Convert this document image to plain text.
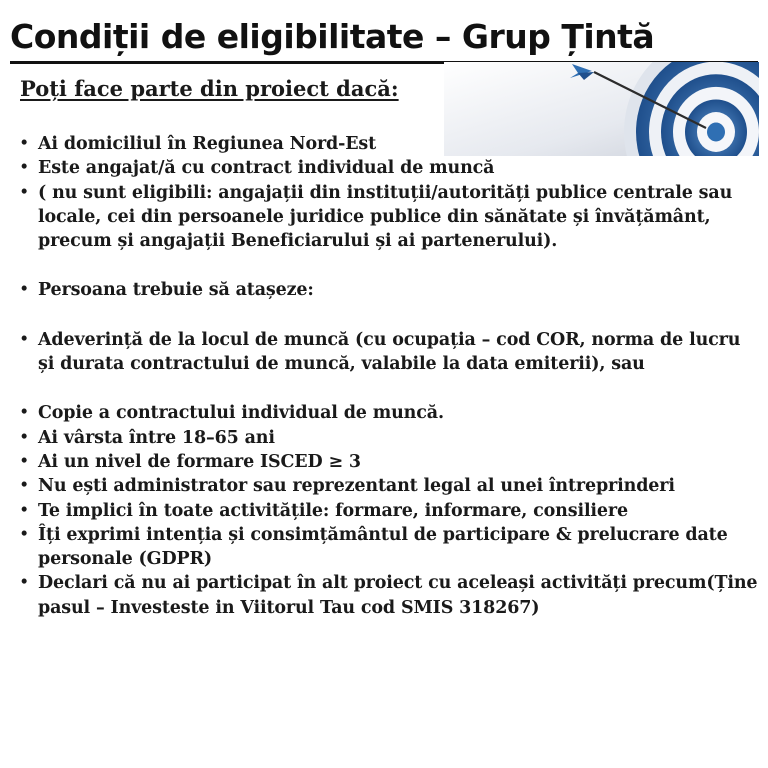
Condiții de eligibilitate – Grup Țintă
Poți face parte din proiect dacă:
• Ai domiciliul în Regiunea Nord-Est
• Este angajat/ă cu contract individual de muncă
• ( nu sunt eligibili: angajații din instituții/autorități publice centrale sau locale, cei din persoanele juridice publice din sănătate și învățământ, precum și angajații Beneficiarului și ai partenerului).
• Persoana trebuie să atașeze:
• Adeverință de la locul de muncă (cu ocupația – cod COR, norma de lucru și durata contractului de muncă, valabile la data emiterii), sau
• Copie a contractului individual de muncă.
• Ai vârsta între 18–65 ani
• Ai un nivel de formare ISCED ≥ 3
• Nu ești administrator sau reprezentant legal al unei întreprinderi
• Te implici în toate activitățile: formare, informare, consiliere
• Îți exprimi intenția și consimțământul de participare & prelucrare date personale (GDPR)
• Declari că nu ai participat în alt proiect cu aceleași activități precum(Ține pasul – Investeste in Viitorul Tau cod SMIS 318267)
